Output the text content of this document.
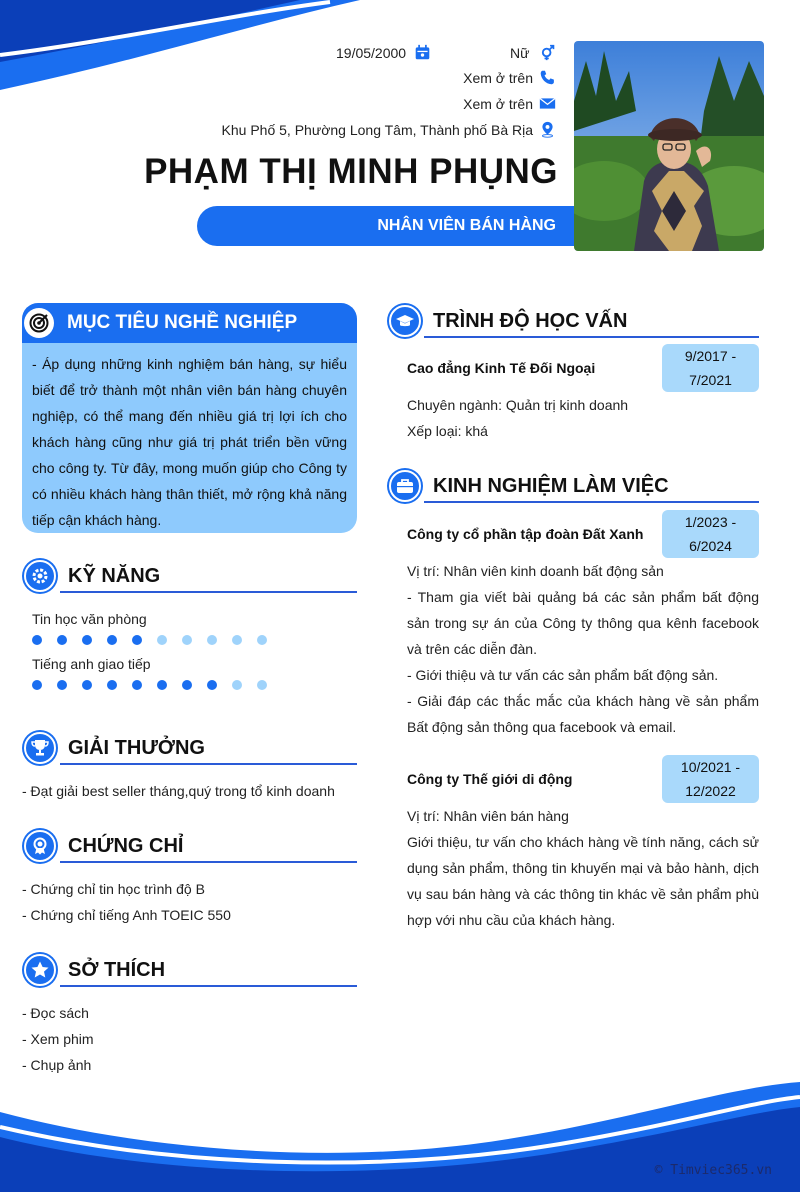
19/05/2000	Nữ
Xem ở trên
Xem ở trên
Khu Phố 5, Phường Long Tâm, Thành phố Bà Rịa
PHẠM THỊ MINH PHỤNG
NHÂN VIÊN BÁN HÀNG
MỤC TIÊU NGHỀ NGHIỆP
- Áp dụng những kinh nghiệm bán hàng, sự hiểu biết để trở thành một nhân viên bán hàng chuyên nghiệp, có thể mang đến nhiều giá trị lợi ích cho khách hàng cũng như giá trị phát triển bền vững cho công ty. Từ đây, mong muốn giúp cho Công ty có nhiều khách hàng thân thiết, mở rộng khả năng tiếp cận khách hàng.
KỸ NĂNG
Tin học văn phòng
Tiếng anh giao tiếp
GIẢI THƯỞNG
- Đạt giải best seller tháng,quý trong tổ kinh doanh
CHỨNG CHỈ
- Chứng chỉ tin học trình độ B
- Chứng chỉ tiếng Anh TOEIC 550
SỞ THÍCH
- Đọc sách
- Xem phim
- Chụp ảnh
TRÌNH ĐỘ HỌC VẤN
Cao đẳng Kinh Tế Đối Ngoại
9/2017 -
7/2021
Chuyên ngành: Quản trị kinh doanh
Xếp loại: khá
KINH NGHIỆM LÀM VIỆC
Công ty cổ phần tập đoàn Đất Xanh
1/2023 -
6/2024
Vị trí: Nhân viên kinh doanh bất động sản
- Tham gia viết bài quảng bá các sản phẩm bất động sản trong sự án của Công ty thông qua kênh facebook và trên các diễn đàn.
- Giới thiệu và tư vấn các sản phẩm bất động sản.
- Giải đáp các thắc mắc của khách hàng về sản phẩm Bất động sản thông qua facebook và email.
Công ty Thế giới di động
10/2021 -
12/2022
Vị trí: Nhân viên bán hàng
Giới thiệu, tư vấn cho khách hàng về tính năng, cách sử dụng sản phẩm, thông tin khuyến mại và bảo hành, dịch vụ sau bán hàng và các thông tin khác về sản phẩm phù hợp với nhu cầu của khách hàng.
© Timviec365.vn
